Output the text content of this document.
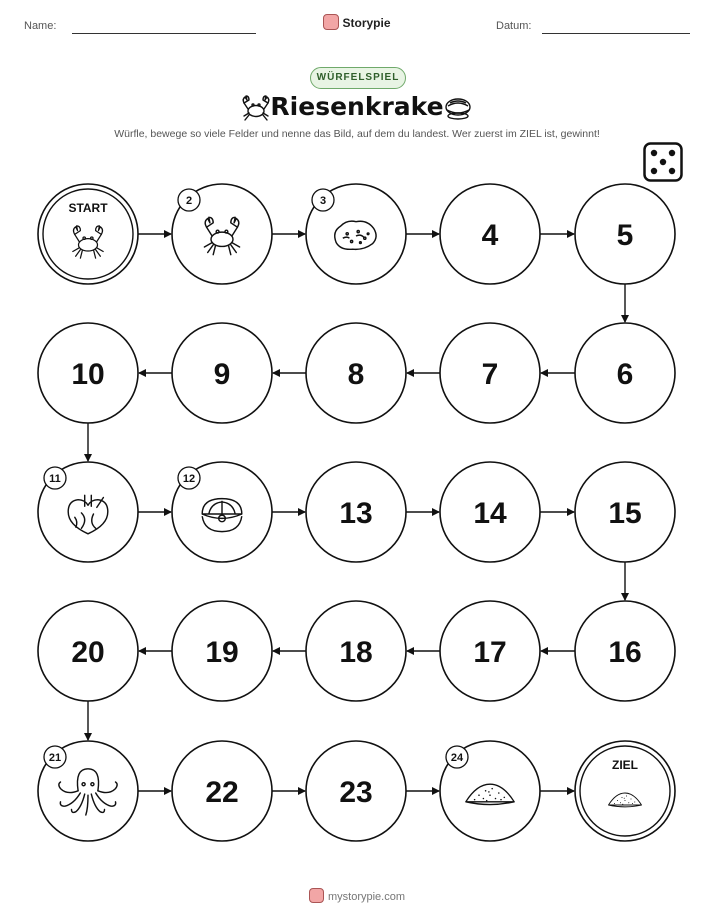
Name:	Storypie	Datum:
WÜRFELSPIEL
Riesenkrake
Würfle, bewege so viele Felder und nenne das Bild, auf dem du landest. Wer zuerst im ZIEL ist, gewinnt!
START	2	3
4	5
6
7
8
9
10
11	12
13	14	15
16
17
18
19
20
21
22	23
24	ZIEL
mystorypie.com
